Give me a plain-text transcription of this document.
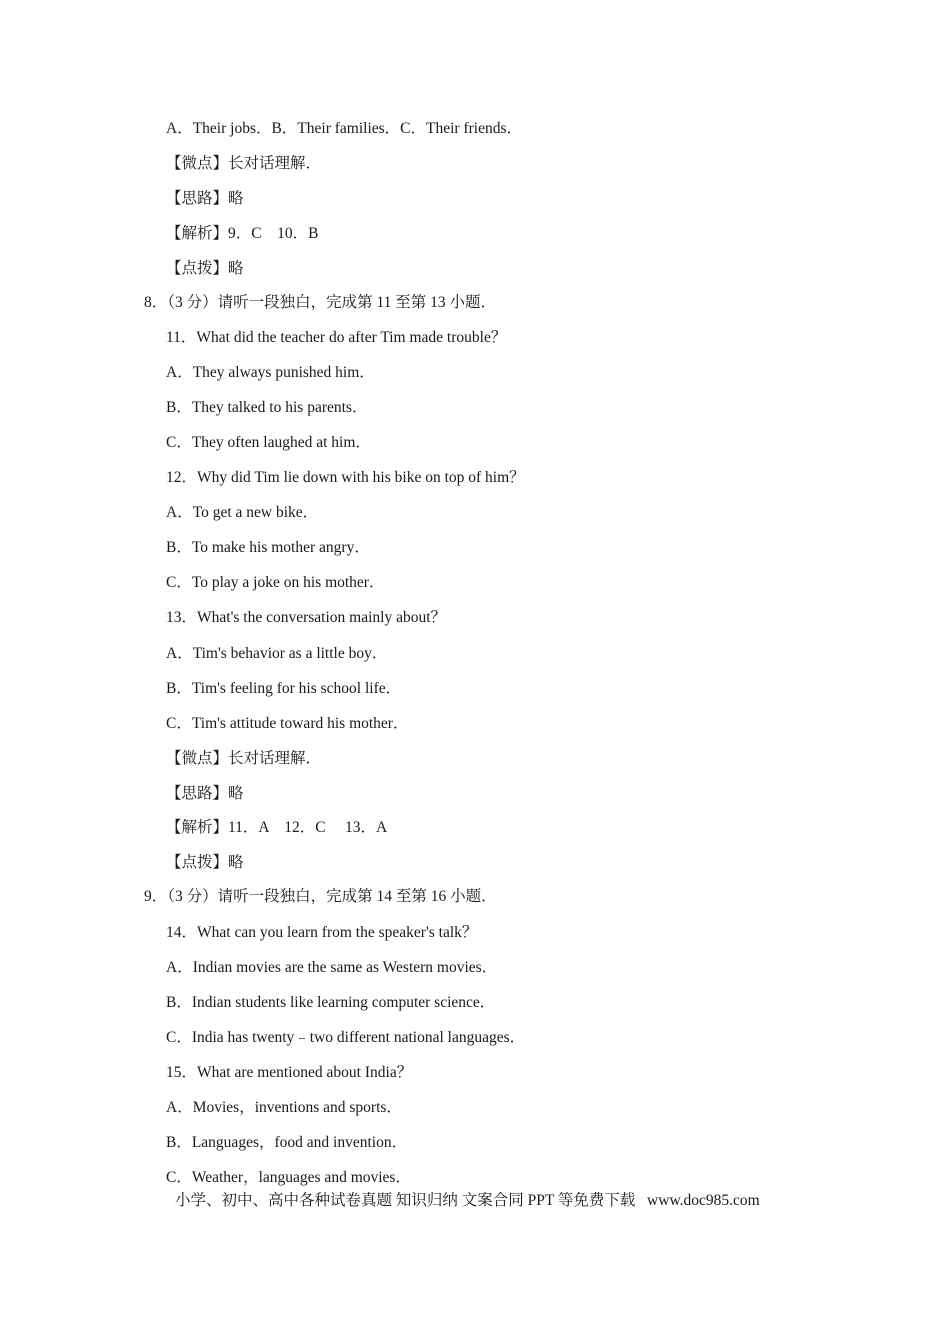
A．Their jobs．B．Their families．C．Their friends．
【微点】长对话理解．
【思路】略
【解析】9．C    10．B
【点拨】略
8．（3 分）请听一段独白，完成第 11 至第 13 小题．
11．What did the teacher do after Tim made trouble？
A．They always punished him．
B．They talked to his parents．
C．They often laughed at him．
12．Why did Tim lie down with his bike on top of him？
A．To get a new bike．
B．To make his mother angry．
C．To play a joke on his mother．
13．What's the conversation mainly about？
A．Tim's behavior as a little boy．
B．Tim's feeling for his school life．
C．Tim's attitude toward his mother．
【微点】长对话理解．
【思路】略
【解析】11．A    12．C     13．A
【点拨】略
9．（3 分）请听一段独白，完成第 14 至第 16 小题．
14．What can you learn from the speaker's talk？
A．Indian movies are the same as Western movies．
B．Indian students like learning computer science．
C．India has twenty﹣two different national languages．
15．What are mentioned about India？
A．Movies，inventions and sports．
B．Languages，food and invention．
C．Weather，languages and movies．
小学、初中、高中各种试卷真题 知识归纳 文案合同 PPT 等免费下载   www.doc985.com
